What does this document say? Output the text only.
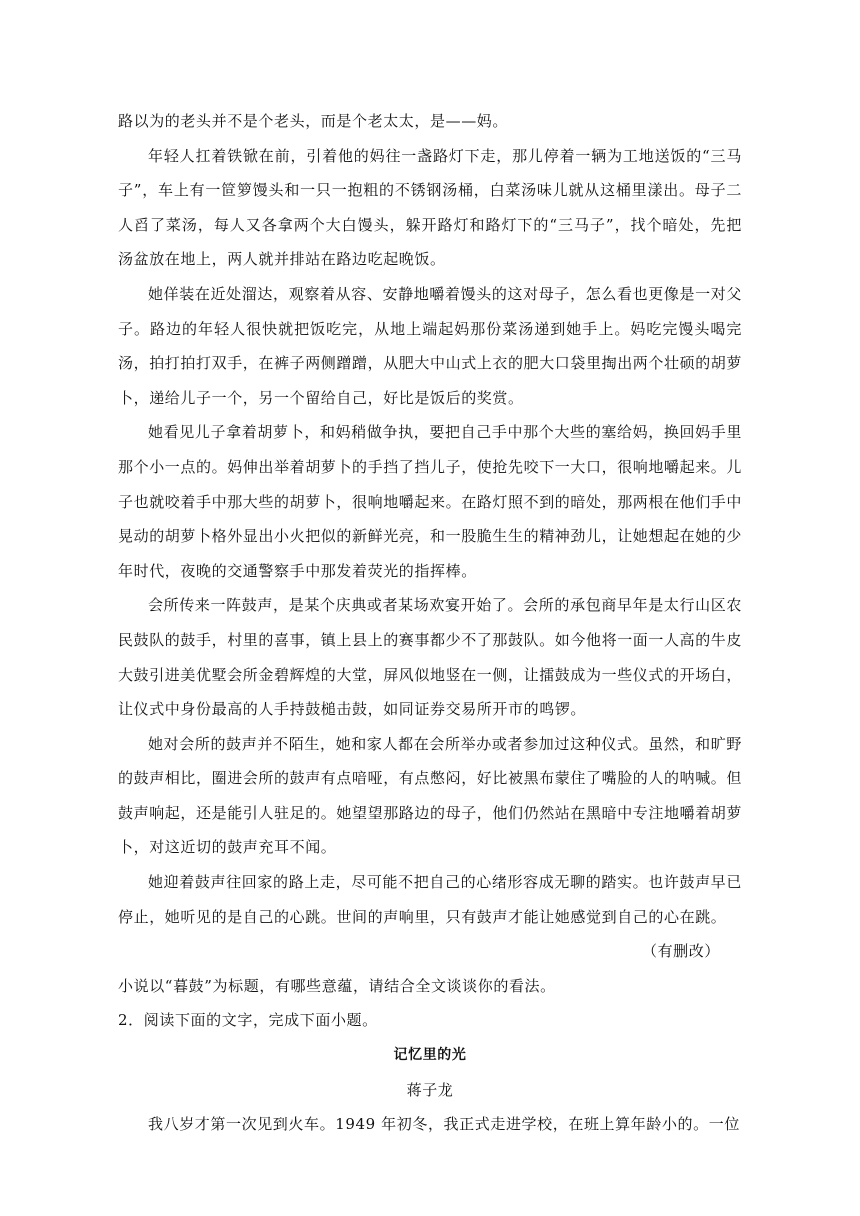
路以为的老头并不是个老头，而是个老太太，是——妈。

年轻人扛着铁锨在前，引着他的妈往一盏路灯下走，那儿停着一辆为工地送饭的“三马子”，车上有一笸箩馒头和一只一抱粗的不锈钢汤桶，白菜汤味儿就从这桶里漾出。母子二人舀了菜汤，每人又各拿两个大白馒头，躲开路灯和路灯下的“三马子”，找个暗处，先把汤盆放在地上，两人就并排站在路边吃起晚饭。

她佯装在近处溜达，观察着从容、安静地嚼着馒头的这对母子，怎么看也更像是一对父子。路边的年轻人很快就把饭吃完，从地上端起妈那份菜汤递到她手上。妈吃完馒头喝完汤，拍打拍打双手，在裤子两侧蹭蹭，从肥大中山式上衣的肥大口袋里掏出两个壮硕的胡萝卜，递给儿子一个，另一个留给自己，好比是饭后的奖赏。

她看见儿子拿着胡萝卜，和妈稍做争执，要把自己手中那个大些的塞给妈，换回妈手里那个小一点的。妈伸出举着胡萝卜的手挡了挡儿子，使抢先咬下一大口，很响地嚼起来。儿子也就咬着手中那大些的胡萝卜，很响地嚼起来。在路灯照不到的暗处，那两根在他们手中晃动的胡萝卜格外显出小火把似的新鲜光亮，和一股脆生生的精神劲儿，让她想起在她的少年时代，夜晚的交通警察手中那发着荧光的指挥棒。

会所传来一阵鼓声，是某个庆典或者某场欢宴开始了。会所的承包商早年是太行山区农民鼓队的鼓手，村里的喜事，镇上县上的赛事都少不了那鼓队。如今他将一面一人高的牛皮大鼓引进美优墅会所金碧辉煌的大堂，屏风似地竖在一侧，让擂鼓成为一些仪式的开场白，让仪式中身份最高的人手持鼓槌击鼓，如同证券交易所开市的鸣锣。

她对会所的鼓声并不陌生，她和家人都在会所举办或者参加过这种仪式。虽然，和旷野的鼓声相比，圈进会所的鼓声有点喑哑，有点憋闷，好比被黑布蒙住了嘴脸的人的呐喊。但鼓声响起，还是能引人驻足的。她望望那路边的母子，他们仍然站在黑暗中专注地嚼着胡萝卜，对这近切的鼓声充耳不闻。

她迎着鼓声往回家的路上走，尽可能不把自己的心绪形容成无聊的踏实。也许鼓声早已停止，她听见的是自己的心跳。世间的声响里，只有鼓声才能让她感觉到自己的心在跳。

（有删改）

小说以“暮鼓”为标题，有哪些意蕴，请结合全文谈谈你的看法。

2．阅读下面的文字，完成下面小题。

记忆里的光

蒋子龙

我八岁才第一次见到火车。1949 年初冬，我正式走进学校，在班上算年龄小的。一位
